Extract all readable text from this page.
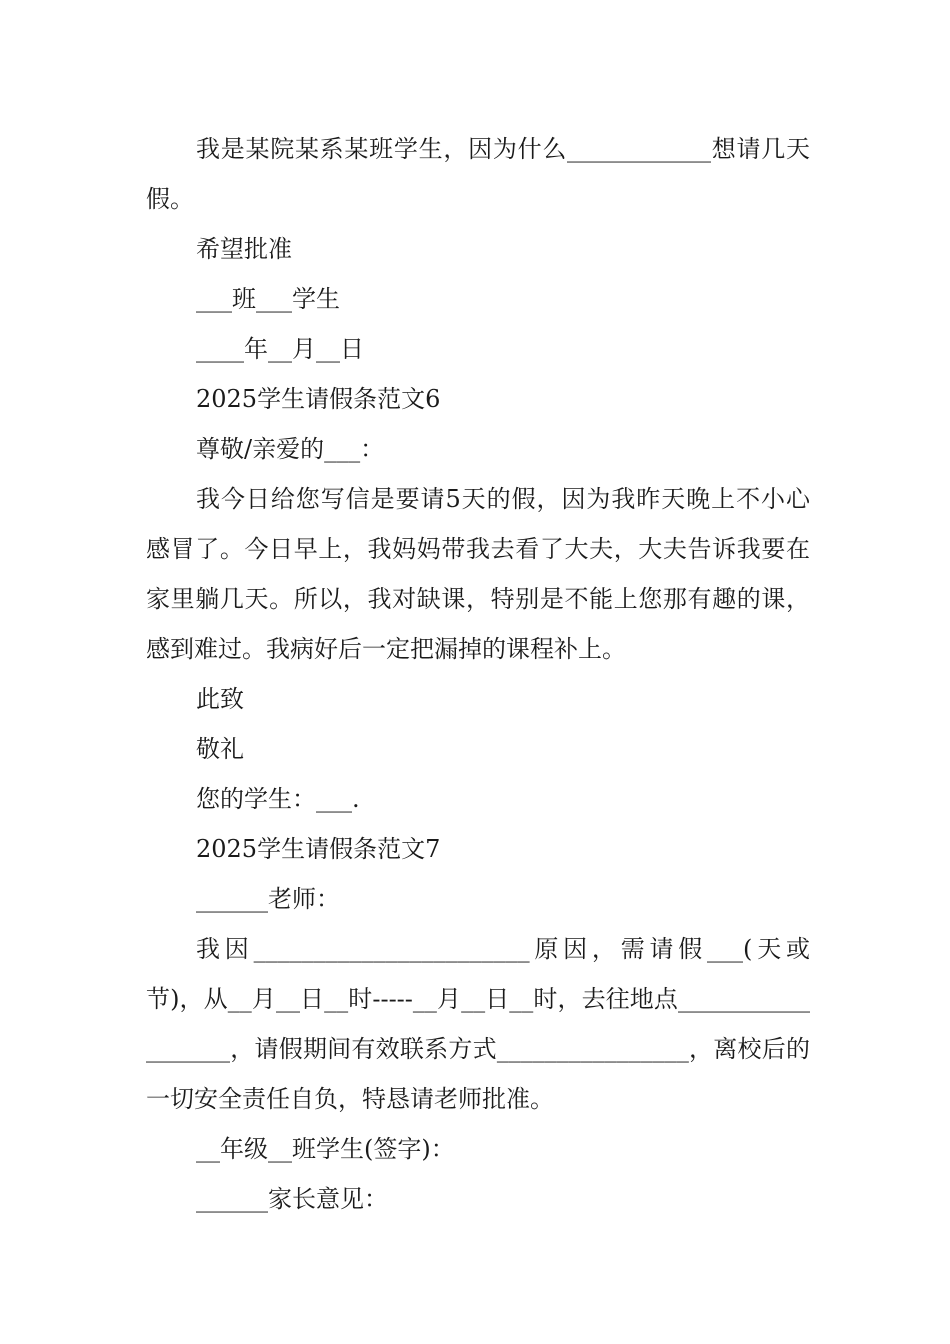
我是某院某系某班学生，因为什么____________想请几天假。

希望批准

___班___学生

____年__月__日

2025学生请假条范文6

尊敬/亲爱的___：

我今日给您写信是要请5天的假，因为我昨天晚上不小心感冒了。今日早上，我妈妈带我去看了大夫，大夫告诉我要在家里躺几天。所以，我对缺课，特别是不能上您那有趣的课，感到难过。我病好后一定把漏掉的课程补上。

此致

敬礼

您的学生：___.

2025学生请假条范文7

______老师：

我因_______________________原因，需请假___(天或节)，从__月__日__时-----__月__日__时，去往地点__________________，请假期间有效联系方式________________，离校后的一切安全责任自负，特恳请老师批准。

__年级__班学生(签字)：

______家长意见：
